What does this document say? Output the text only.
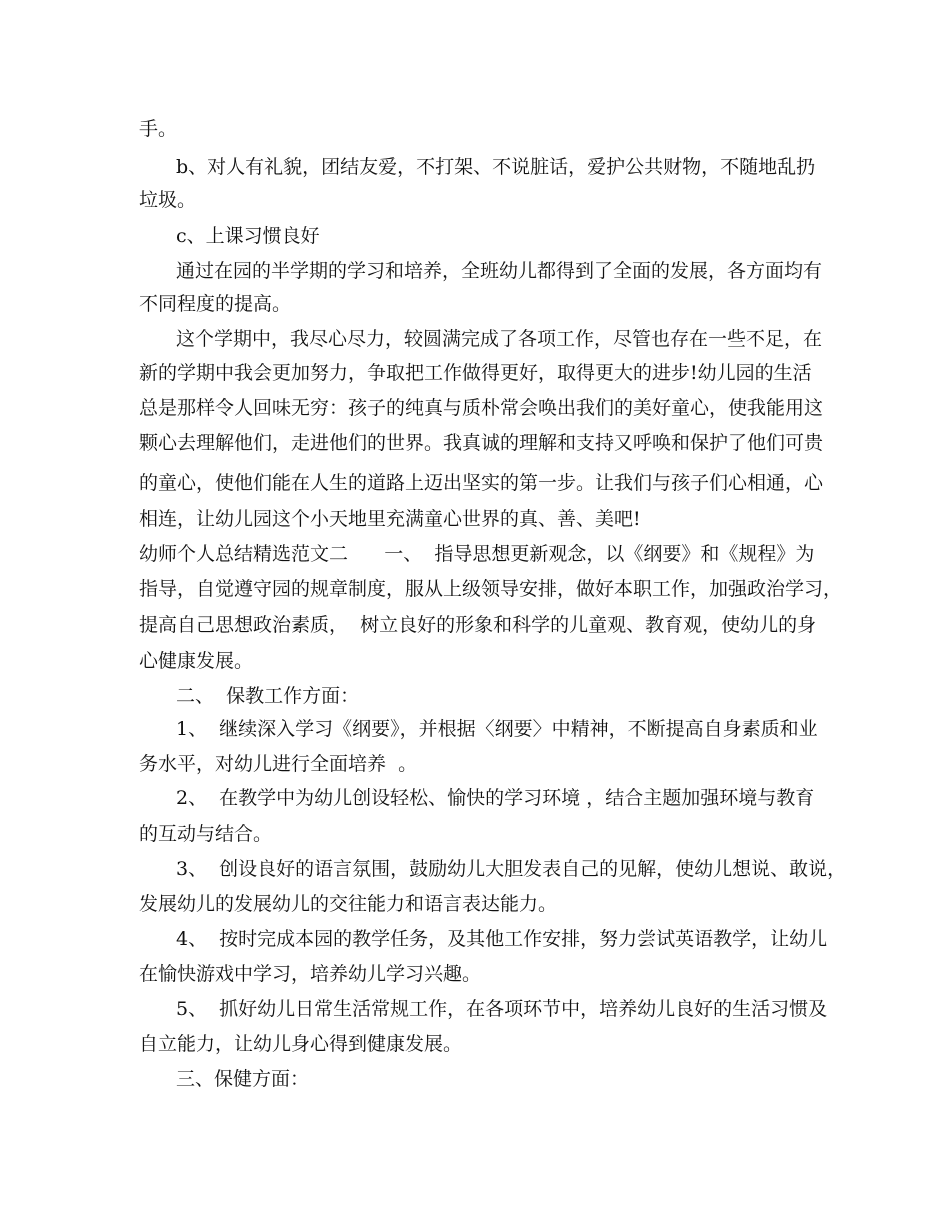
手。
b、对人有礼貌，团结友爱，不打架、不说脏话，爱护公共财物，不随地乱扔
垃圾。
c、上课习惯良好
通过在园的半学期的学习和培养，全班幼儿都得到了全面的发展，各方面均有
不同程度的提高。
这个学期中，我尽心尽力，较圆满完成了各项工作，尽管也存在一些不足，在
新的学期中我会更加努力，争取把工作做得更好，取得更大的进步!幼儿园的生活
总是那样令人回味无穷：孩子的纯真与质朴常会唤出我们的美好童心，使我能用这
颗心去理解他们，走进他们的世界。我真诚的理解和支持又呼唤和保护了他们可贵
的童心，使他们能在人生的道路上迈出坚实的第一步。让我们与孩子们心相通，心
相连，让幼儿园这个小天地里充满童心世界的真、善、美吧!
幼师个人总结精选范文二      一、  指导思想更新观念，以《纲要》和《规程》为
指导，自觉遵守园的规章制度，服从上级领导安排，做好本职工作，加强政治学习，
提高自己思想政治素质，  树立良好的形象和科学的儿童观、教育观，使幼儿的身
心健康发展。
二、  保教工作方面：
1、  继续深入学习《纲要》，并根据〈纲要〉中精神，不断提高自身素质和业
务水平，对幼儿进行全面培养  。
2、  在教学中为幼儿创设轻松、愉快的学习环境 ，结合主题加强环境与教育
的互动与结合。
3、  创设良好的语言氛围，鼓励幼儿大胆发表自己的见解，使幼儿想说、敢说，
发展幼儿的发展幼儿的交往能力和语言表达能力。
4、  按时完成本园的教学任务，及其他工作安排，努力尝试英语教学，让幼儿
在愉快游戏中学习，培养幼儿学习兴趣。
5、  抓好幼儿日常生活常规工作，在各项环节中，培养幼儿良好的生活习惯及
自立能力，让幼儿身心得到健康发展。
三、保健方面：
